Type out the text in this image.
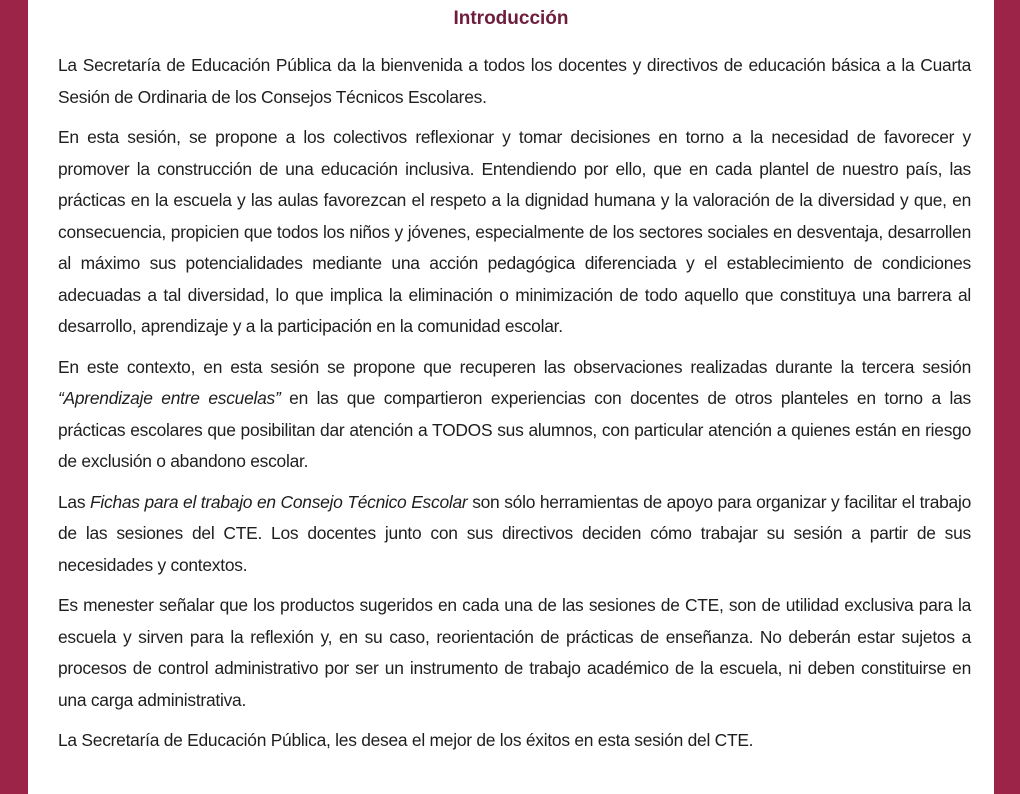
Introducción

La Secretaría de Educación Pública da la bienvenida a todos los docentes y directivos de educación básica a la Cuarta Sesión de Ordinaria de los Consejos Técnicos Escolares.

En esta sesión, se propone a los colectivos reflexionar y tomar decisiones en torno a la necesidad de favorecer y promover la construcción de una educación inclusiva. Entendiendo por ello, que en cada plantel de nuestro país, las prácticas en la escuela y las aulas favorezcan el respeto a la dignidad humana y la valoración de la diversidad y que, en consecuencia, propicien que todos los niños y jóvenes, especialmente de los sectores sociales en desventaja, desarrollen al máximo sus potencialidades mediante una acción pedagógica diferenciada y el establecimiento de condiciones adecuadas a tal diversidad, lo que implica la eliminación o minimización de todo aquello que constituya una barrera al desarrollo, aprendizaje y a la participación en la comunidad escolar.

En este contexto, en esta sesión se propone que recuperen las observaciones realizadas durante la tercera sesión “Aprendizaje entre escuelas” en las que compartieron experiencias con docentes de otros planteles en torno a las prácticas escolares que posibilitan dar atención a TODOS sus alumnos, con particular atención a quienes están en riesgo de exclusión o abandono escolar.

Las Fichas para el trabajo en Consejo Técnico Escolar son sólo herramientas de apoyo para organizar y facilitar el trabajo de las sesiones del CTE. Los docentes junto con sus directivos deciden cómo trabajar su sesión a partir de sus necesidades y contextos.

Es menester señalar que los productos sugeridos en cada una de las sesiones de CTE, son de utilidad exclusiva para la escuela y sirven para la reflexión y, en su caso, reorientación de prácticas de enseñanza. No deberán estar sujetos a procesos de control administrativo por ser un instrumento de trabajo académico de la escuela, ni deben constituirse en una carga administrativa.

La Secretaría de Educación Pública, les desea el mejor de los éxitos en esta sesión del CTE.
